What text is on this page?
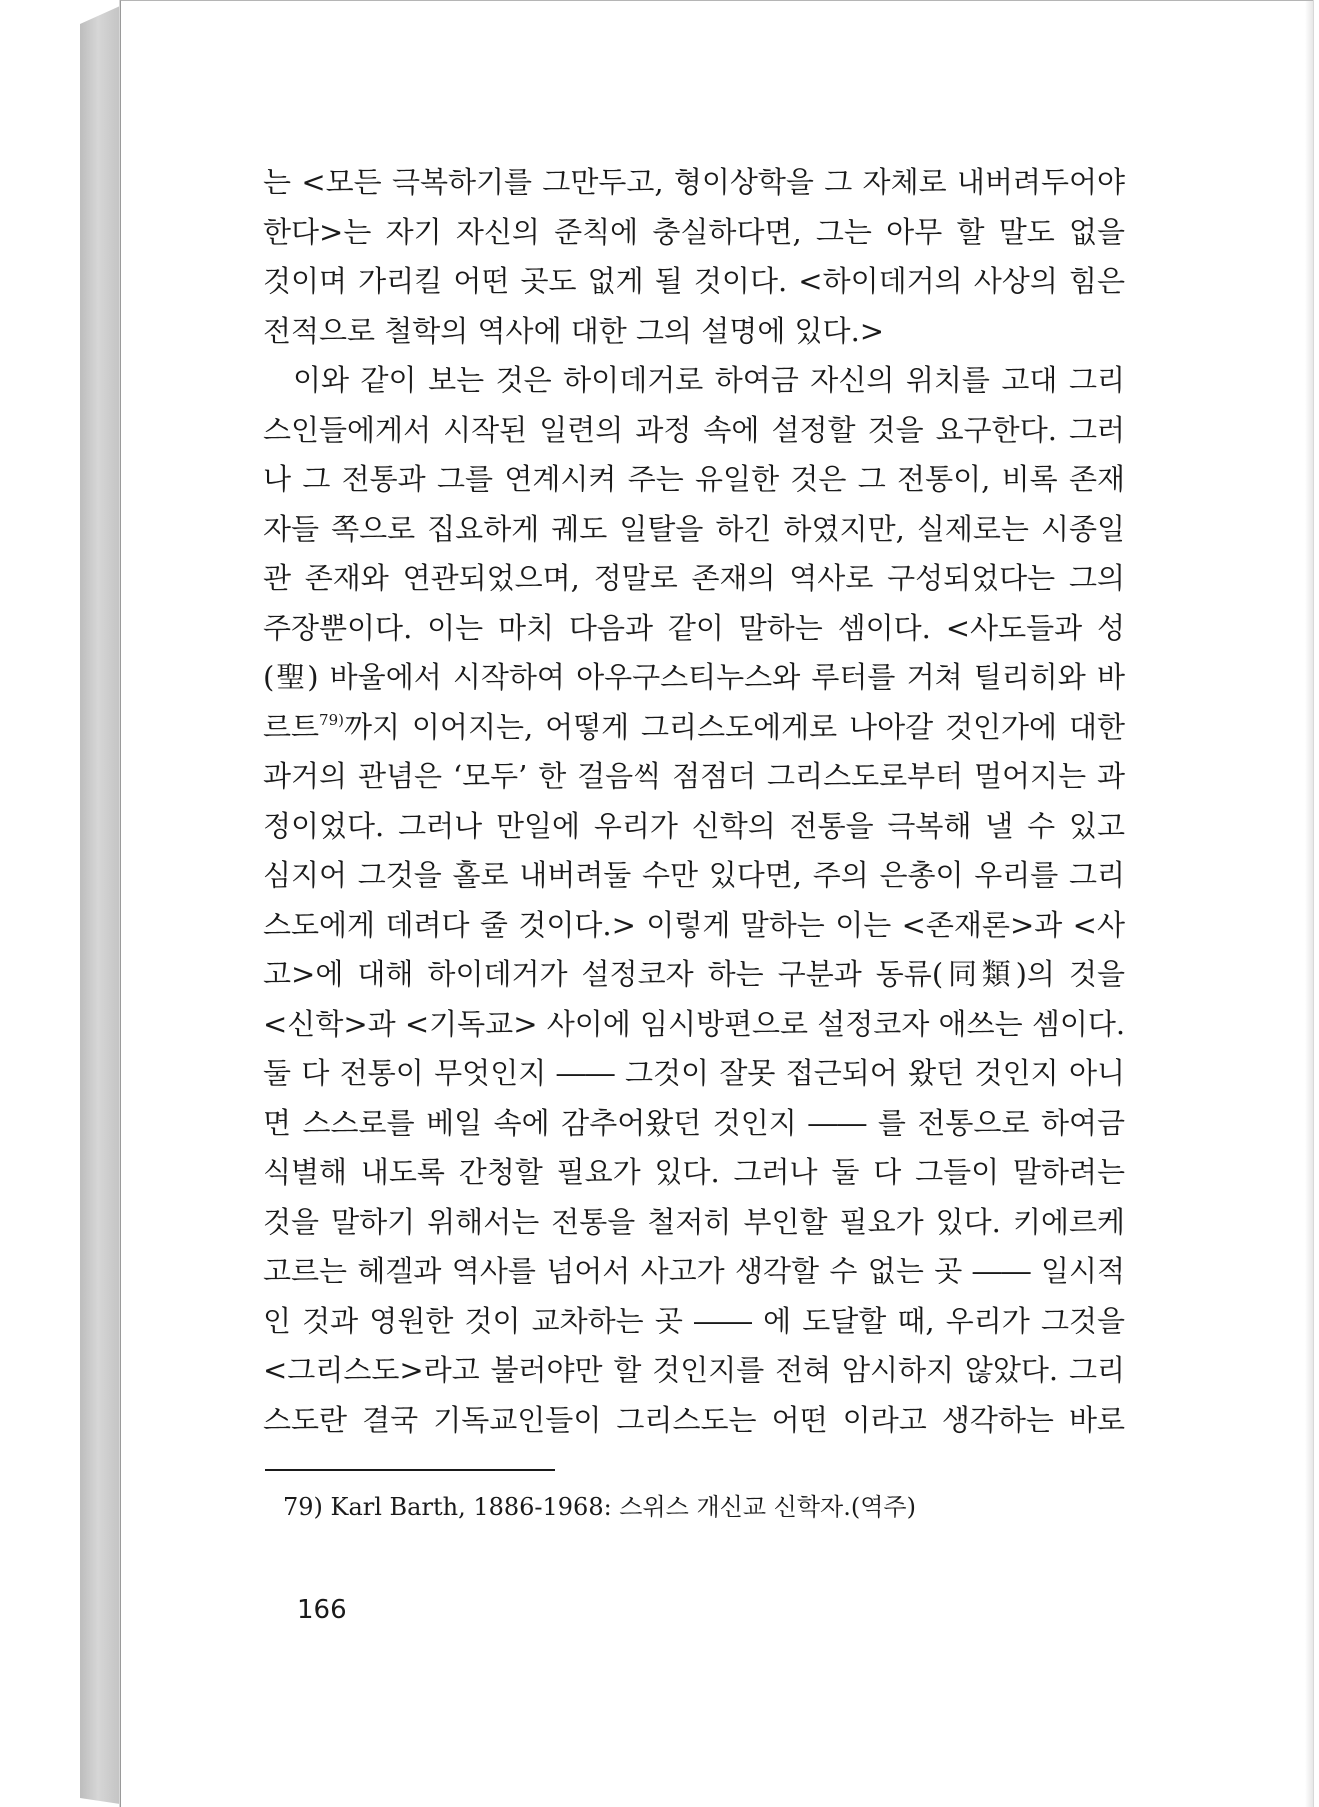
는 <모든 극복하기를 그만두고, 형이상학을 그 자체로 내버려두어야
한다>는 자기 자신의 준칙에 충실하다면, 그는 아무 할 말도 없을
것이며 가리킬 어떤 곳도 없게 될 것이다. <하이데거의 사상의 힘은
전적으로 철학의 역사에 대한 그의 설명에 있다.>
이와 같이 보는 것은 하이데거로 하여금 자신의 위치를 고대 그리
스인들에게서 시작된 일련의 과정 속에 설정할 것을 요구한다. 그러
나 그 전통과 그를 연계시켜 주는 유일한 것은 그 전통이, 비록 존재
자들 쪽으로 집요하게 궤도 일탈을 하긴 하였지만, 실제로는 시종일
관 존재와 연관되었으며, 정말로 존재의 역사로 구성되었다는 그의
주장뿐이다. 이는 마치 다음과 같이 말하는 셈이다. <사도들과 성
(聖) 바울에서 시작하여 아우구스티누스와 루터를 거쳐 틸리히와 바
르트$^{79)}$까지 이어지는, 어떻게 그리스도에게로 나아갈 것인가에 대한
과거의 관념은 ‘모두’ 한 걸음씩 점점더 그리스도로부터 멀어지는 과
정이었다. 그러나 만일에 우리가 신학의 전통을 극복해 낼 수 있고
심지어 그것을 홀로 내버려둘 수만 있다면, 주의 은총이 우리를 그리
스도에게 데려다 줄 것이다.> 이렇게 말하는 이는 <존재론>과 <사
고>에 대해 하이데거가 설정코자 하는 구분과 동류(同類)의 것을
<신학>과 <기독교> 사이에 임시방편으로 설정코자 애쓰는 셈이다.
둘 다 전통이 무엇인지 ―― 그것이 잘못 접근되어 왔던 것인지 아니
면 스스로를 베일 속에 감추어왔던 것인지 ―― 를 전통으로 하여금
식별해 내도록 간청할 필요가 있다. 그러나 둘 다 그들이 말하려는
것을 말하기 위해서는 전통을 철저히 부인할 필요가 있다. 키에르케
고르는 헤겔과 역사를 넘어서 사고가 생각할 수 없는 곳 ―― 일시적
인 것과 영원한 것이 교차하는 곳 ―― 에 도달할 때, 우리가 그것을
<그리스도>라고 불러야만 할 것인지를 전혀 암시하지 않았다. 그리
스도란 결국 기독교인들이 그리스도는 어떤 이라고 생각하는 바로
79) Karl Barth, 1886-1968: 스위스 개신교 신학자.(역주)
166
